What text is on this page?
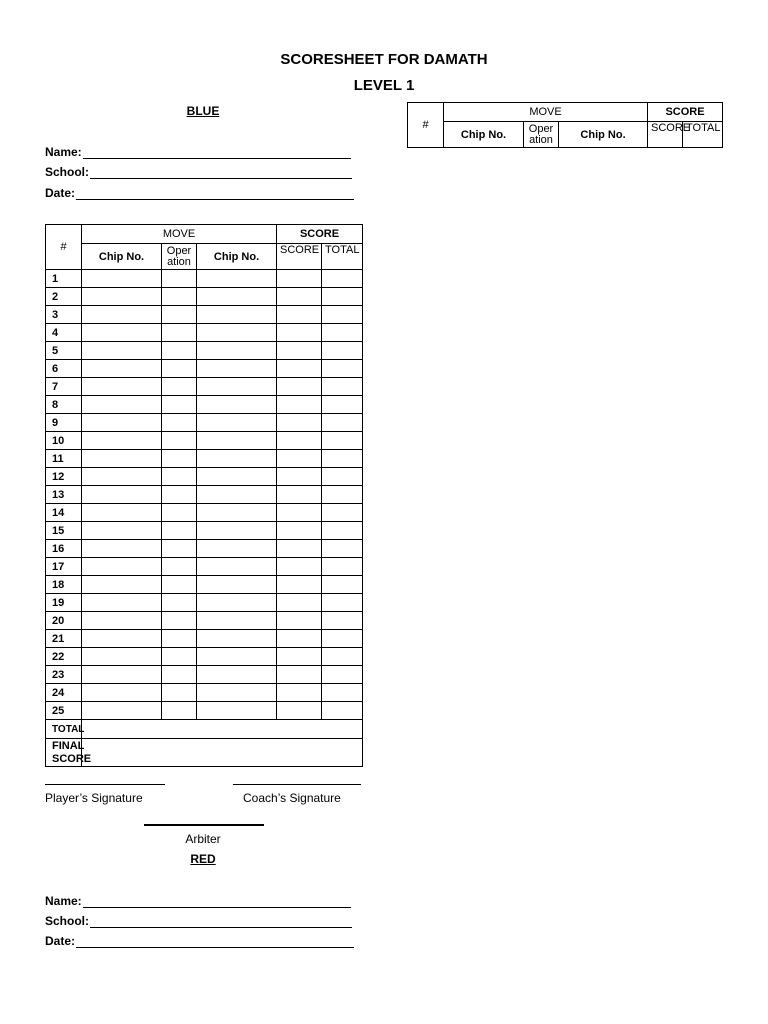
SCORESHEET FOR DAMATH
LEVEL 1
BLUE
Name:
School:
Date:
#	MOVE			SCORE	
	Chip No.	Oper ation	Chip No.	SCORE	TOTAL
1					
2					
3					
4					
5					
6					
7					
8					
9					
10					
11					
12					
13					
14					
15					
16					
17					
18					
19					
20					
21					
22					
23					
24					
25					
TOTAL					
FINAL SCORE					
#	MOVE			SCORE	
	Chip No.	Oper ation	Chip No.	SCORE	TOTAL
Player’s Signature	Coach’s Signature
Arbiter
RED
Name:
School:
Date:
